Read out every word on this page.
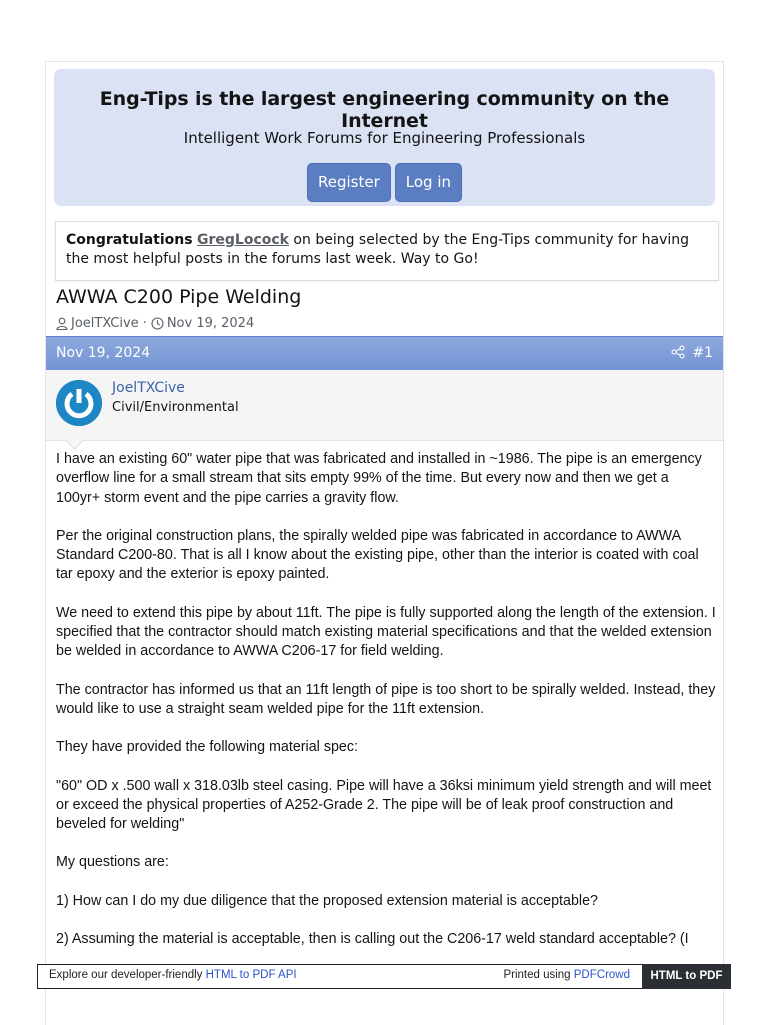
Eng-Tips is the largest engineering community on the Internet
Intelligent Work Forums for Engineering Professionals
Register Log in
Congratulations GregLocock on being selected by the Eng-Tips community for having the most helpful posts in the forums last week. Way to Go!
AWWA C200 Pipe Welding
JoelTXCive · Nov 19, 2024
Nov 19, 2024	#1
JoelTXCive
Civil/Environmental

I have an existing 60" water pipe that was fabricated and installed in ~1986. The pipe is an emergency overflow line for a small stream that sits empty 99% of the time. But every now and then we get a 100yr+ storm event and the pipe carries a gravity flow.

Per the original construction plans, the spirally welded pipe was fabricated in accordance to AWWA Standard C200-80. That is all I know about the existing pipe, other than the interior is coated with coal tar epoxy and the exterior is epoxy painted.

We need to extend this pipe by about 11ft. The pipe is fully supported along the length of the extension. I specified that the contractor should match existing material specifications and that the welded extension be welded in accordance to AWWA C206-17 for field welding.

The contractor has informed us that an 11ft length of pipe is too short to be spirally welded. Instead, they would like to use a straight seam welded pipe for the 11ft extension.

They have provided the following material spec:

"60" OD x .500 wall x 318.03lb steel casing. Pipe will have a 36ksi minimum yield strength and will meet or exceed the physical properties of A252-Grade 2. The pipe will be of leak proof construction and beveled for welding"

My questions are:

1) How can I do my due diligence that the proposed extension material is acceptable?

2) Assuming the material is acceptable, then is calling out the C206-17 weld standard acceptable? (I

Explore our developer-friendly HTML to PDF API	Printed using PDFCrowd	HTML to PDF
